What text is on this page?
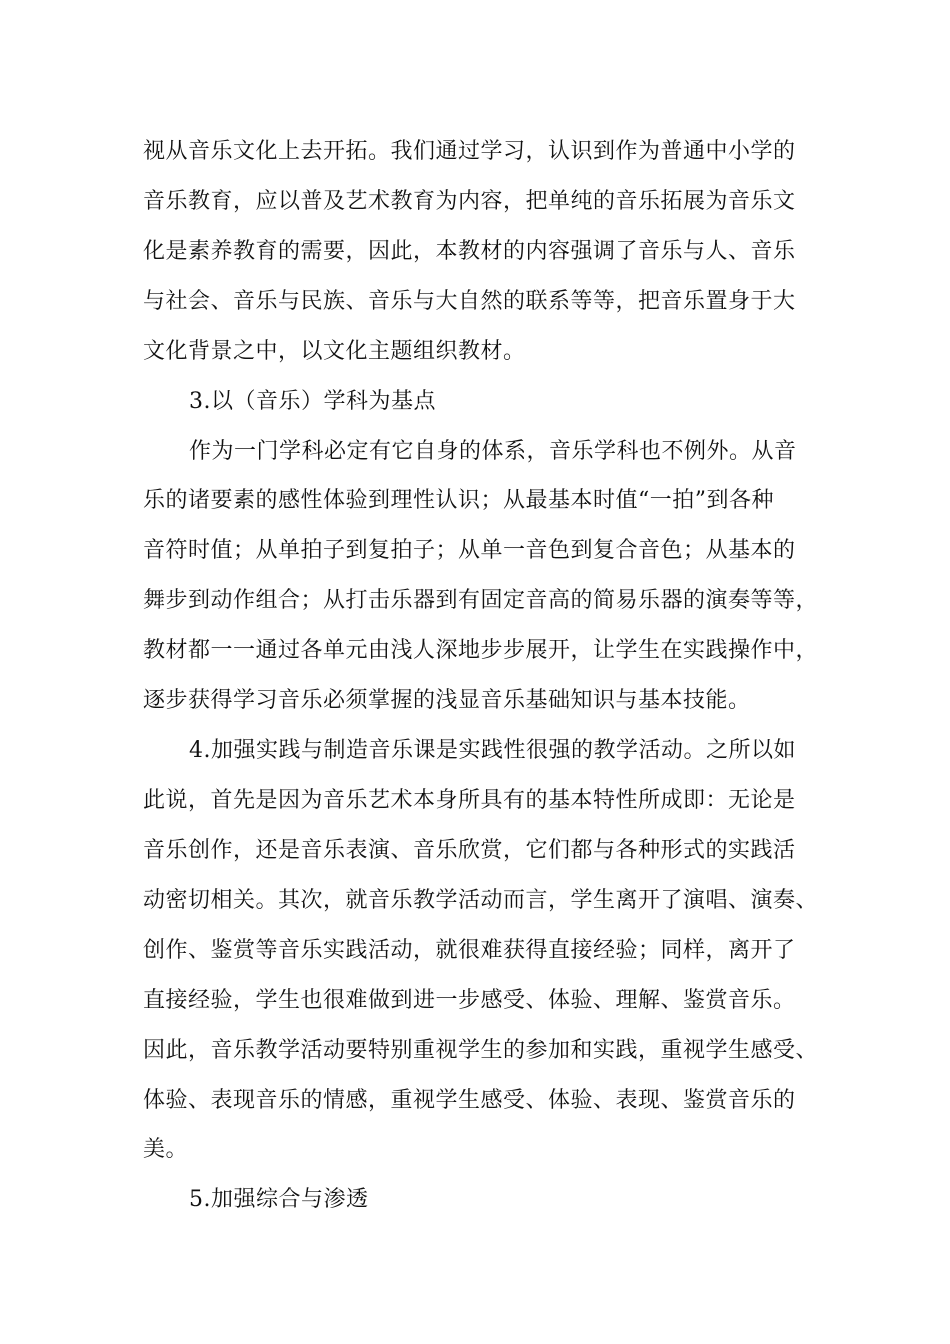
视从音乐文化上去开拓。我们通过学习，认识到作为普通中小学的

音乐教育，应以普及艺术教育为内容，把单纯的音乐拓展为音乐文

化是素养教育的需要，因此，本教材的内容强调了音乐与人、音乐

与社会、音乐与民族、音乐与大自然的联系等等，把音乐置身于大

文化背景之中，以文化主题组织教材。

3.以（音乐）学科为基点

作为一门学科必定有它自身的体系，音乐学科也不例外。从音

乐的诸要素的感性体验到理性认识；从最基本时值“一拍”到各种

音符时值；从单拍子到复拍子；从单一音色到复合音色；从基本的

舞步到动作组合；从打击乐器到有固定音高的简易乐器的演奏等等，

教材都一一通过各单元由浅人深地步步展开，让学生在实践操作中，

逐步获得学习音乐必须掌握的浅显音乐基础知识与基本技能。

4.加强实践与制造音乐课是实践性很强的教学活动。之所以如

此说，首先是因为音乐艺术本身所具有的基本特性所成即：无论是

音乐创作，还是音乐表演、音乐欣赏，它们都与各种形式的实践活

动密切相关。其次，就音乐教学活动而言，学生离开了演唱、演奏、

创作、鉴赏等音乐实践活动，就很难获得直接经验；同样，离开了

直接经验，学生也很难做到进一步感受、体验、理解、鉴赏音乐。

因此，音乐教学活动要特别重视学生的参加和实践，重视学生感受、

体验、表现音乐的情感，重视学生感受、体验、表现、鉴赏音乐的

美。

5.加强综合与渗透
